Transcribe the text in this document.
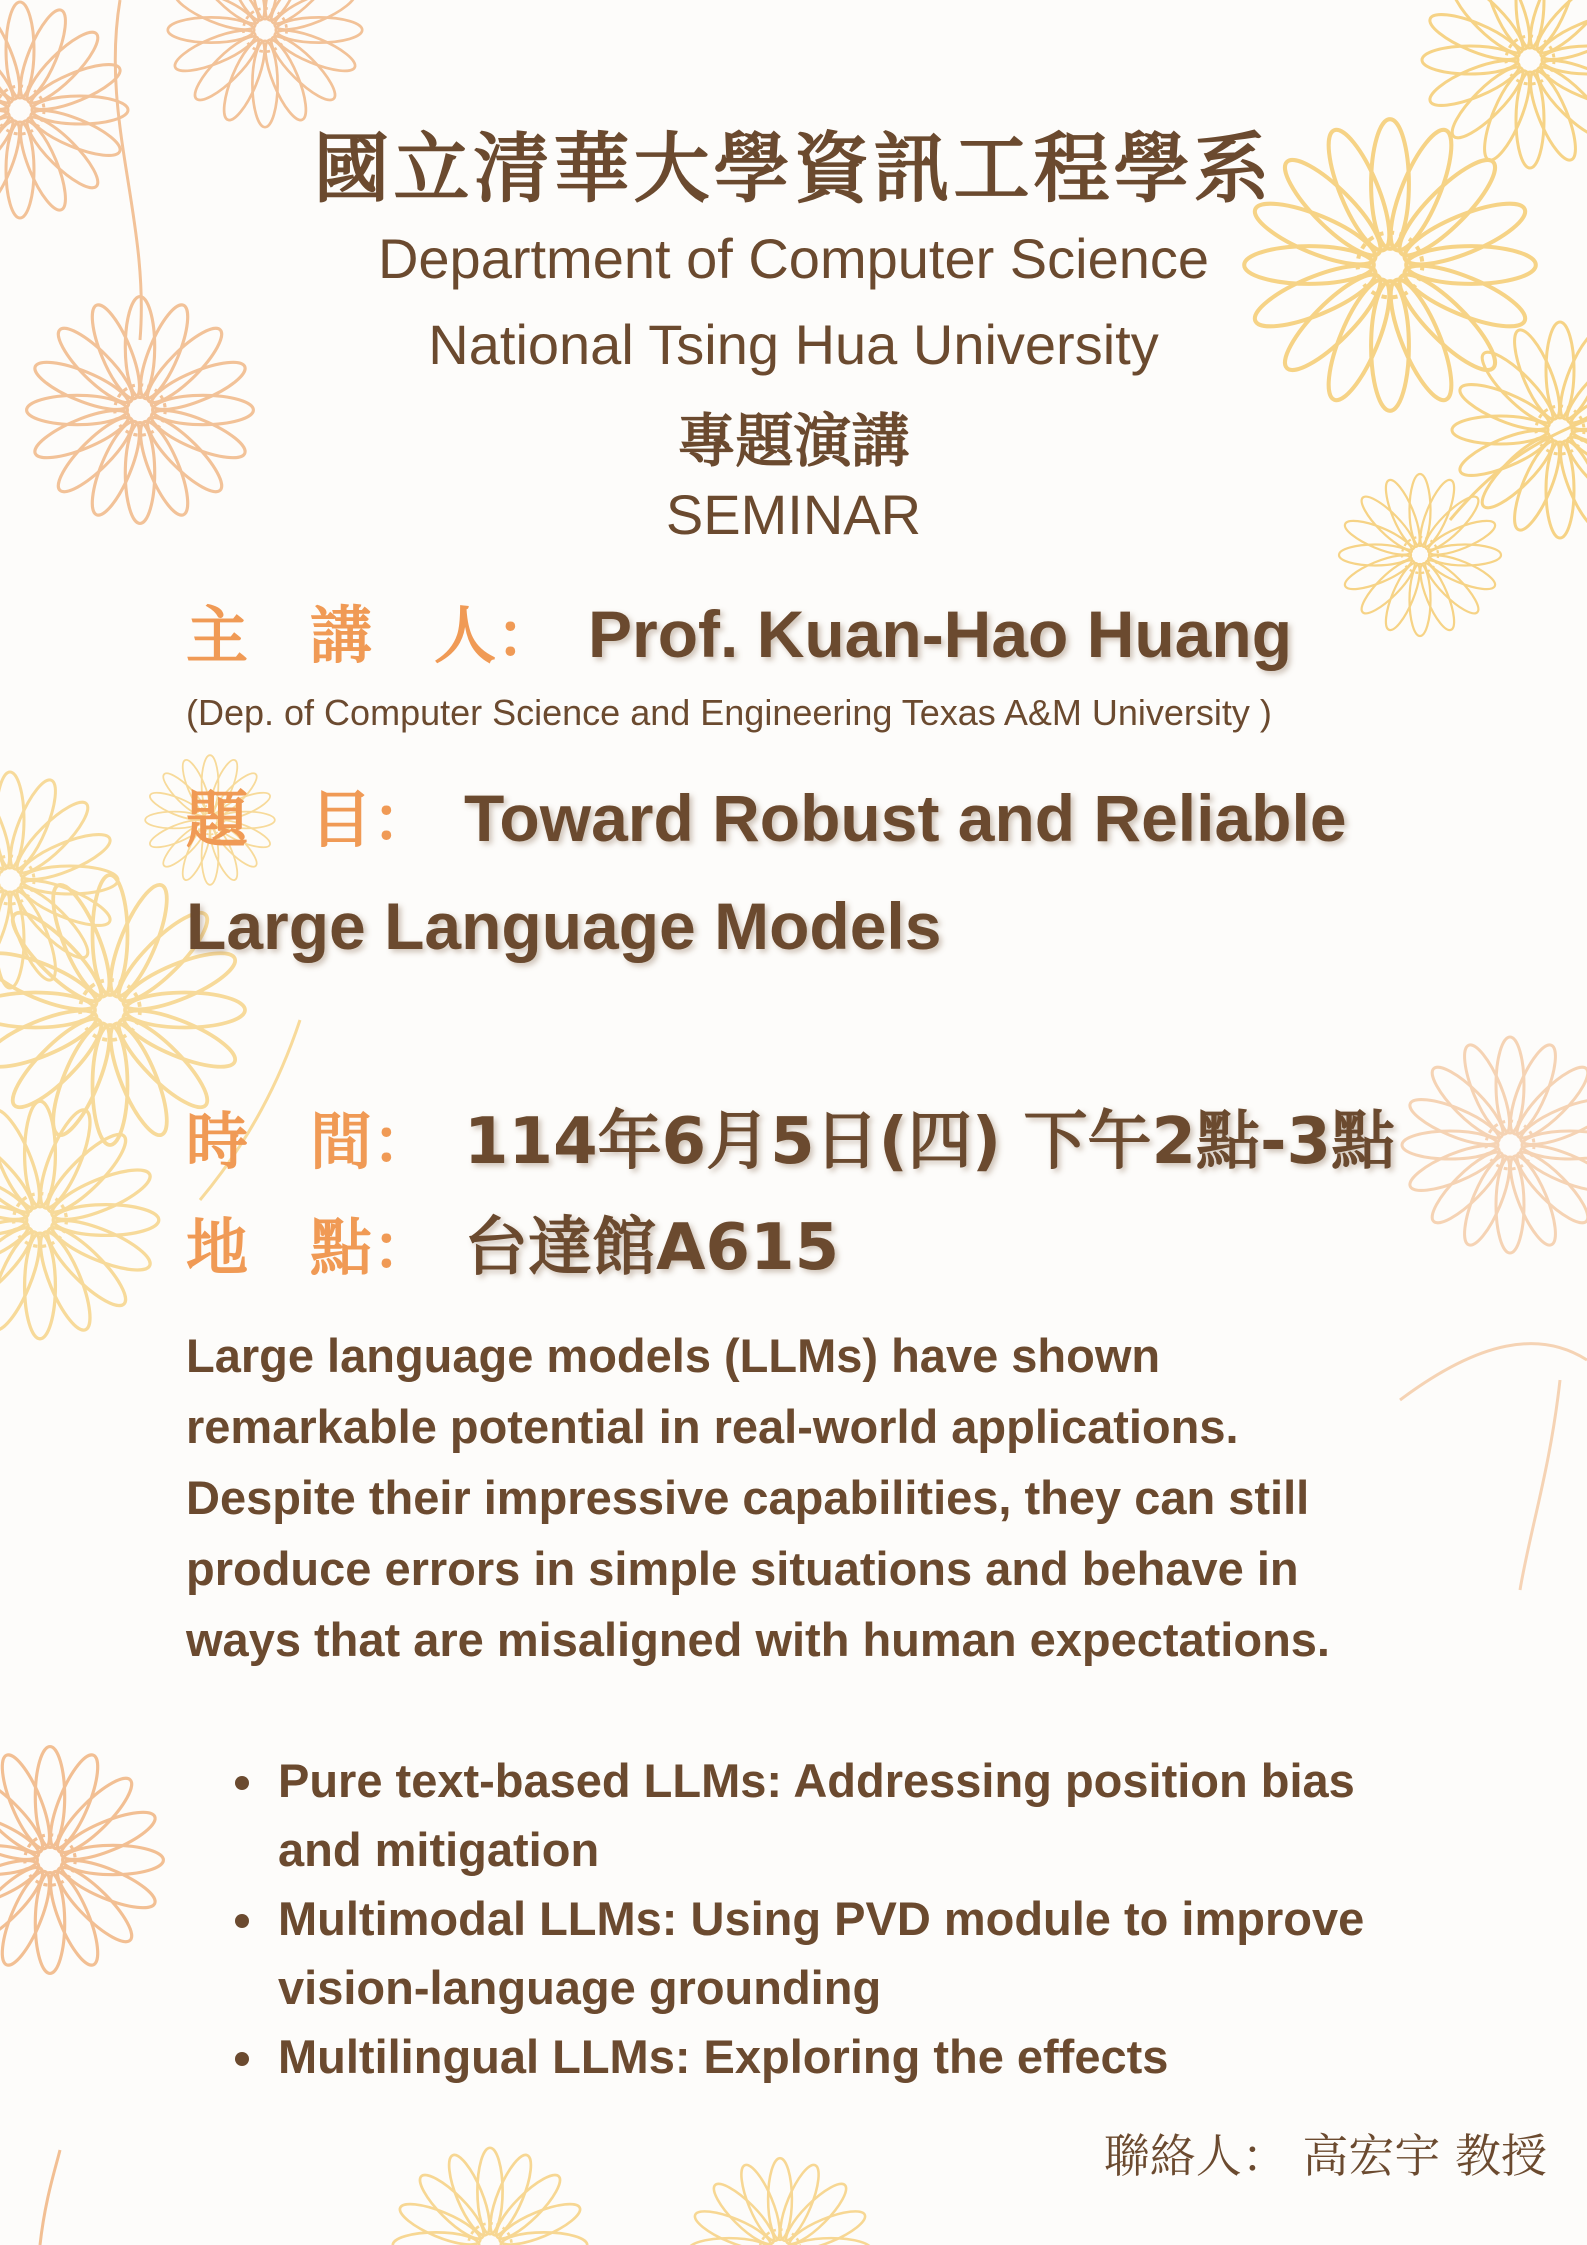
國立清華大學資訊工程學系
Department of Computer Science
National Tsing Hua University
專題演講
SEMINAR
主　講　人： Prof. Kuan-Hao Huang
(Dep. of Computer Science and Engineering Texas A&M University )
題　目： Toward Robust and Reliable
Large Language Models
時　間： 114年6月5日(四) 下午2點-3點
地　點： 台達館A615
Large language models (LLMs) have shown remarkable potential in real-world applications. Despite their impressive capabilities, they can still produce errors in simple situations and behave in ways that are misaligned with human expectations.
• Pure text-based LLMs: Addressing position bias and mitigation
• Multimodal LLMs: Using PVD module to improve vision-language grounding
• Multilingual LLMs: Exploring the effects
聯絡人： 高宏宇 教授
